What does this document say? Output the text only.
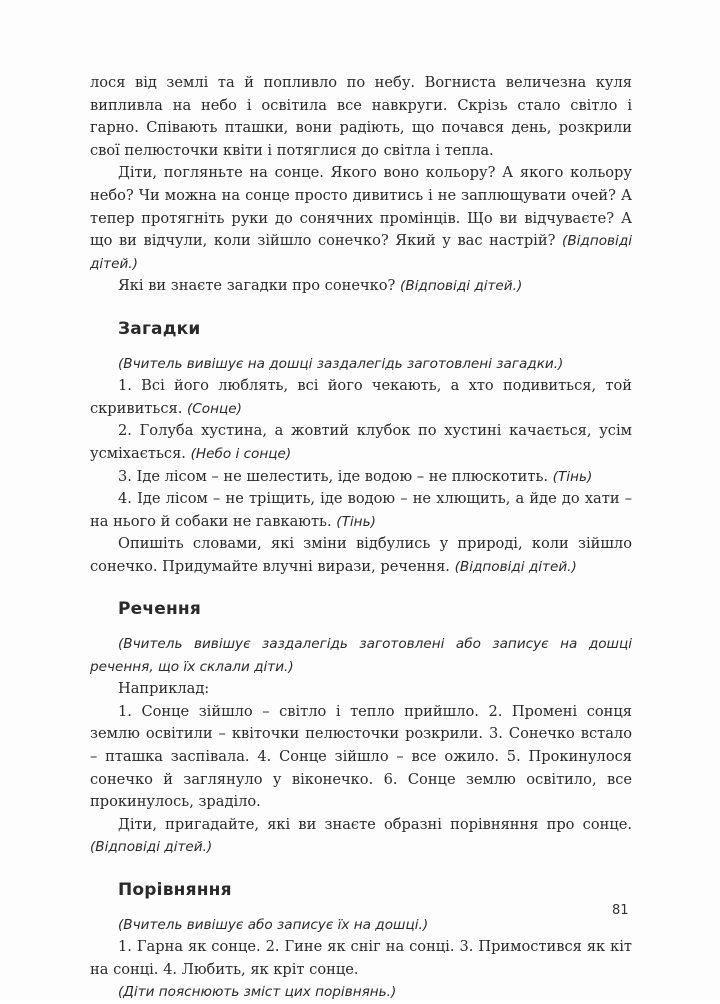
лося від землі та й попливло по небу. Вогниста величезна куля випливла на небо і освітила все навкруги. Скрізь стало світло і гарно. Співають пташки, вони радіють, що почався день, розкрили свої пелюсточки квіти і потяглися до світла і тепла.

Діти, погляньте на сонце. Якого воно кольору? А якого кольору небо? Чи можна на сонце просто дивитись і не заплющувати очей? А тепер протягніть руки до сонячних промінців. Що ви відчуваєте? А що ви відчули, коли зійшло сонечко? Який у вас настрій? (Відповіді дітей.)

Які ви знаєте загадки про сонечко? (Відповіді дітей.)

Загадки

(Вчитель вивішує на дошці заздалегідь заготовлені загадки.)

1. Всі його люблять, всі його чекають, а хто подивиться, той скривиться. (Сонце)

2. Голуба хустина, а жовтий клубок по хустині качається, усім усміхається. (Небо і сонце)

3. Іде лісом – не шелестить, іде водою – не плюскотить. (Тінь)

4. Іде лісом – не тріщить, іде водою – не хлющить, а йде до хати – на нього й собаки не гавкають. (Тінь)

Опишіть словами, які зміни відбулись у природі, коли зійшло сонечко. Придумайте влучні вирази, речення. (Відповіді дітей.)

Речення

(Вчитель вивішує заздалегідь заготовлені або записує на дошці речення, що їх склали діти.)

Наприклад:

1. Сонце зійшло – світло і тепло прийшло. 2. Промені сонця землю освітили – квіточки пелюсточки розкрили. 3. Сонечко встало – пташка заспівала. 4. Сонце зійшло – все ожило. 5. Прокинулося сонечко й заглянуло у віконечко. 6. Сонце землю освітило, все прокинулось, зраділо.

Діти, пригадайте, які ви знаєте образні порівняння про сонце. (Відповіді дітей.)

Порівняння

(Вчитель вивішує або записує їх на дошці.)

1. Гарна як сонце. 2. Гине як сніг на сонці. 3. Примостився як кіт на сонці. 4. Любить, як кріт сонце.

(Діти пояснюють зміст цих порівнянь.)

81
